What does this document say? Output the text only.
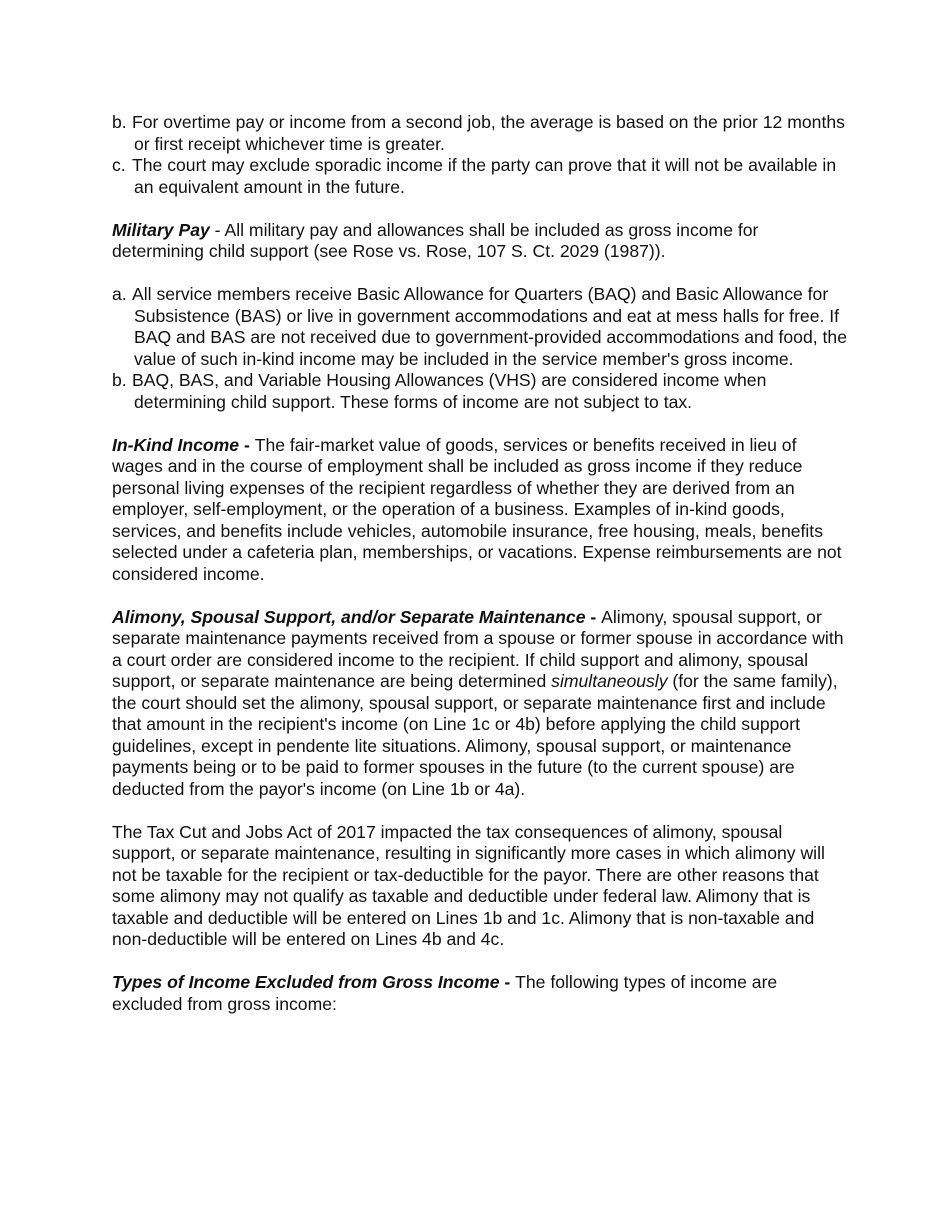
b. For overtime pay or income from a second job, the average is based on the prior 12 months or first receipt whichever time is greater.
c. The court may exclude sporadic income if the party can prove that it will not be available in an equivalent amount in the future.

Military Pay - All military pay and allowances shall be included as gross income for determining child support (see Rose vs. Rose, 107 S. Ct. 2029 (1987)).

a. All service members receive Basic Allowance for Quarters (BAQ) and Basic Allowance for Subsistence (BAS) or live in government accommodations and eat at mess halls for free. If BAQ and BAS are not received due to government-provided accommodations and food, the value of such in-kind income may be included in the service member's gross income.
b. BAQ, BAS, and Variable Housing Allowances (VHS) are considered income when determining child support. These forms of income are not subject to tax.

In-Kind Income - The fair-market value of goods, services or benefits received in lieu of wages and in the course of employment shall be included as gross income if they reduce personal living expenses of the recipient regardless of whether they are derived from an employer, self-employment, or the operation of a business. Examples of in-kind goods, services, and benefits include vehicles, automobile insurance, free housing, meals, benefits selected under a cafeteria plan, memberships, or vacations. Expense reimbursements are not considered income.

Alimony, Spousal Support, and/or Separate Maintenance - Alimony, spousal support, or separate maintenance payments received from a spouse or former spouse in accordance with a court order are considered income to the recipient. If child support and alimony, spousal support, or separate maintenance are being determined simultaneously (for the same family), the court should set the alimony, spousal support, or separate maintenance first and include that amount in the recipient's income (on Line 1c or 4b) before applying the child support guidelines, except in pendente lite situations. Alimony, spousal support, or maintenance payments being or to be paid to former spouses in the future (to the current spouse) are deducted from the payor's income (on Line 1b or 4a).

The Tax Cut and Jobs Act of 2017 impacted the tax consequences of alimony, spousal support, or separate maintenance, resulting in significantly more cases in which alimony will not be taxable for the recipient or tax-deductible for the payor. There are other reasons that some alimony may not qualify as taxable and deductible under federal law. Alimony that is taxable and deductible will be entered on Lines 1b and 1c. Alimony that is non-taxable and non-deductible will be entered on Lines 4b and 4c.

Types of Income Excluded from Gross Income - The following types of income are excluded from gross income:
